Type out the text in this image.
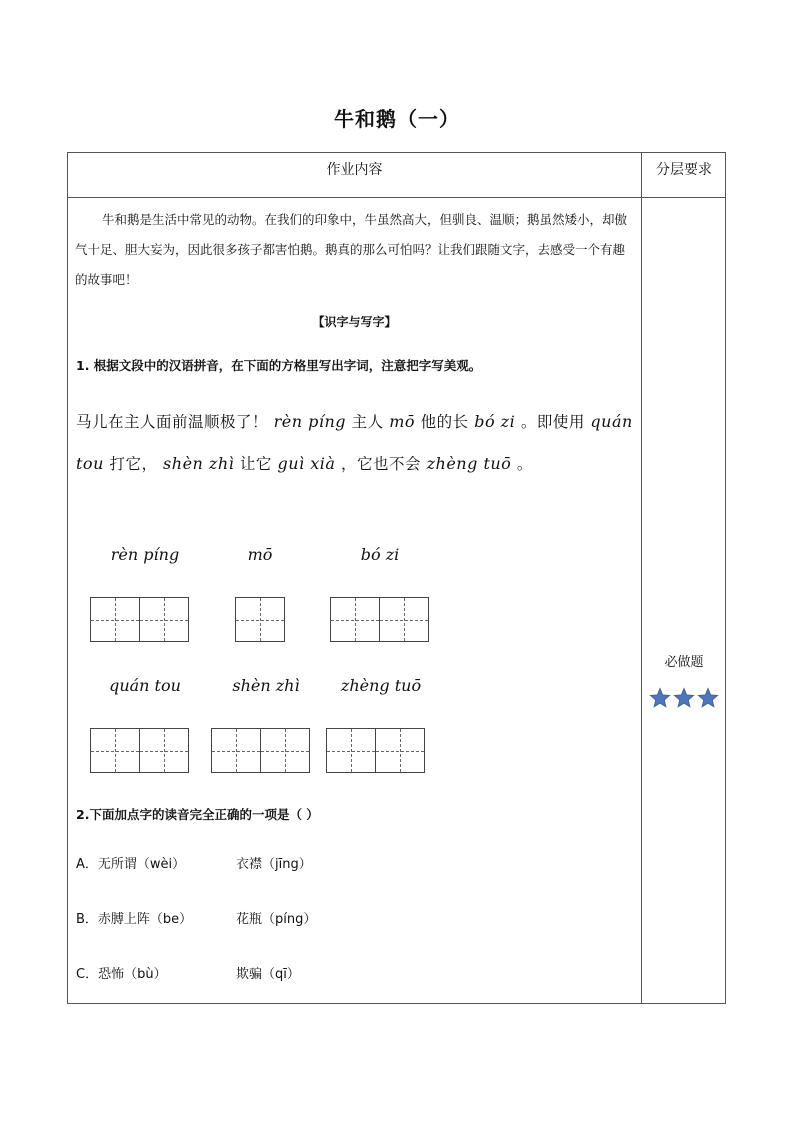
牛和鹅（一）
作业内容	分层要求
牛和鹅是生活中常见的动物。在我们的印象中，牛虽然高大，但驯良、温顺；鹅虽然矮小，却傲气十足、胆大妄为，因此很多孩子都害怕鹅。鹅真的那么可怕吗？让我们跟随文字，去感受一个有趣的故事吧！
【识字与写字】
1. 根据文段中的汉语拼音，在下面的方格里写出字词，注意把字写美观。
马儿在主人面前温顺极了！ rèn píng 主人 mō 他的长 bó zi 。即使用 quán tou 打它， shèn zhì 让它 guì xià ，它也不会 zhèng tuō 。
rèn píng	mō	bó zi
quán tou	shèn zhì	zhèng tuō
2.下面加点字的读音完全正确的一项是（ ）
A．无所谓（wèi）	衣襟（jīng）
B．赤膊上阵（be）	花瓶（píng）
C．恐怖（bù）	欺骗（qī）
必做题
